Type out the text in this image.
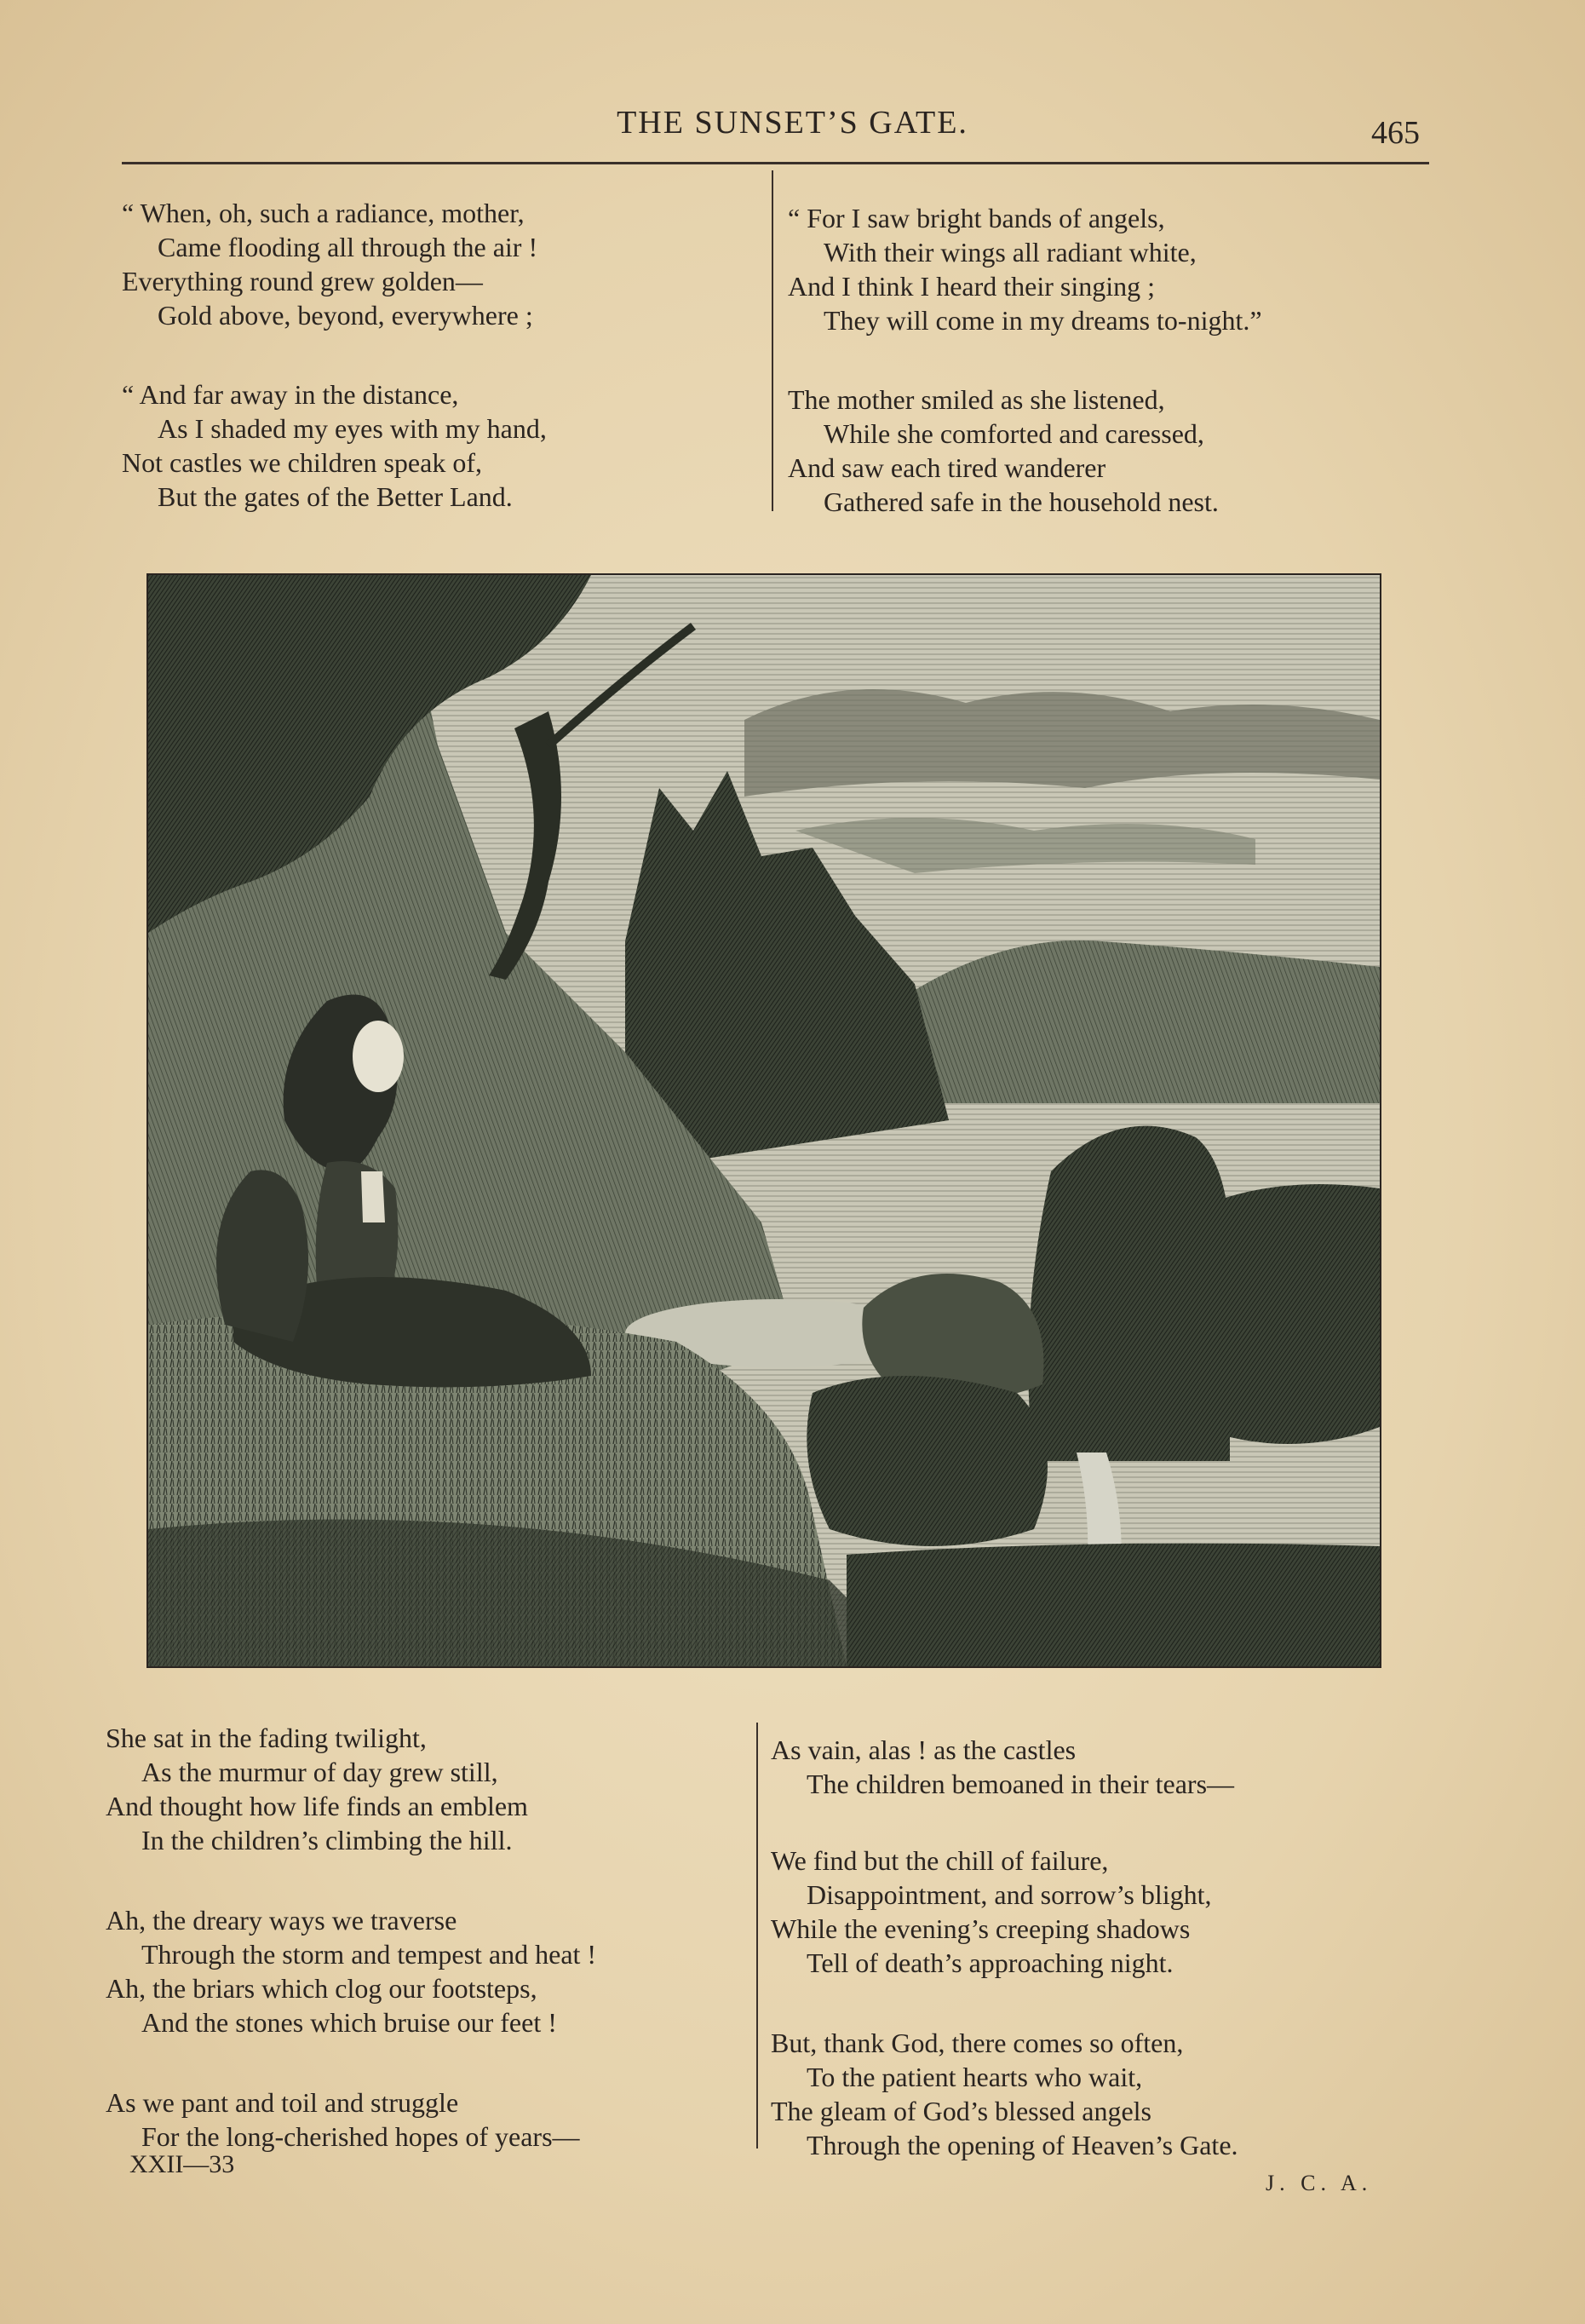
THE SUNSET’S GATE.	465
“ When, oh, such a radiance, mother,
Came flooding all through the air !
Everything round grew golden—
Gold above, beyond, everywhere ;
“ And far away in the distance,
As I shaded my eyes with my hand,
Not castles we children speak of,
But the gates of the Better Land.
“ For I saw bright bands of angels,
With their wings all radiant white,
And I think I heard their singing ;
They will come in my dreams to-night.”
The mother smiled as she listened,
While she comforted and caressed,
And saw each tired wanderer
Gathered safe in the household nest.
She sat in the fading twilight,
As the murmur of day grew still,
And thought how life finds an emblem
In the children’s climbing the hill.
Ah, the dreary ways we traverse
Through the storm and tempest and heat !
Ah, the briars which clog our footsteps,
And the stones which bruise our feet !
As we pant and toil and struggle
For the long-cherished hopes of years—
As vain, alas ! as the castles
The children bemoaned in their tears—
We find but the chill of failure,
Disappointment, and sorrow’s blight,
While the evening’s creeping shadows
Tell of death’s approaching night.
But, thank God, there comes so often,
To the patient hearts who wait,
The gleam of God’s blessed angels
Through the opening of Heaven’s Gate.
XXII—33
J. C. A.
